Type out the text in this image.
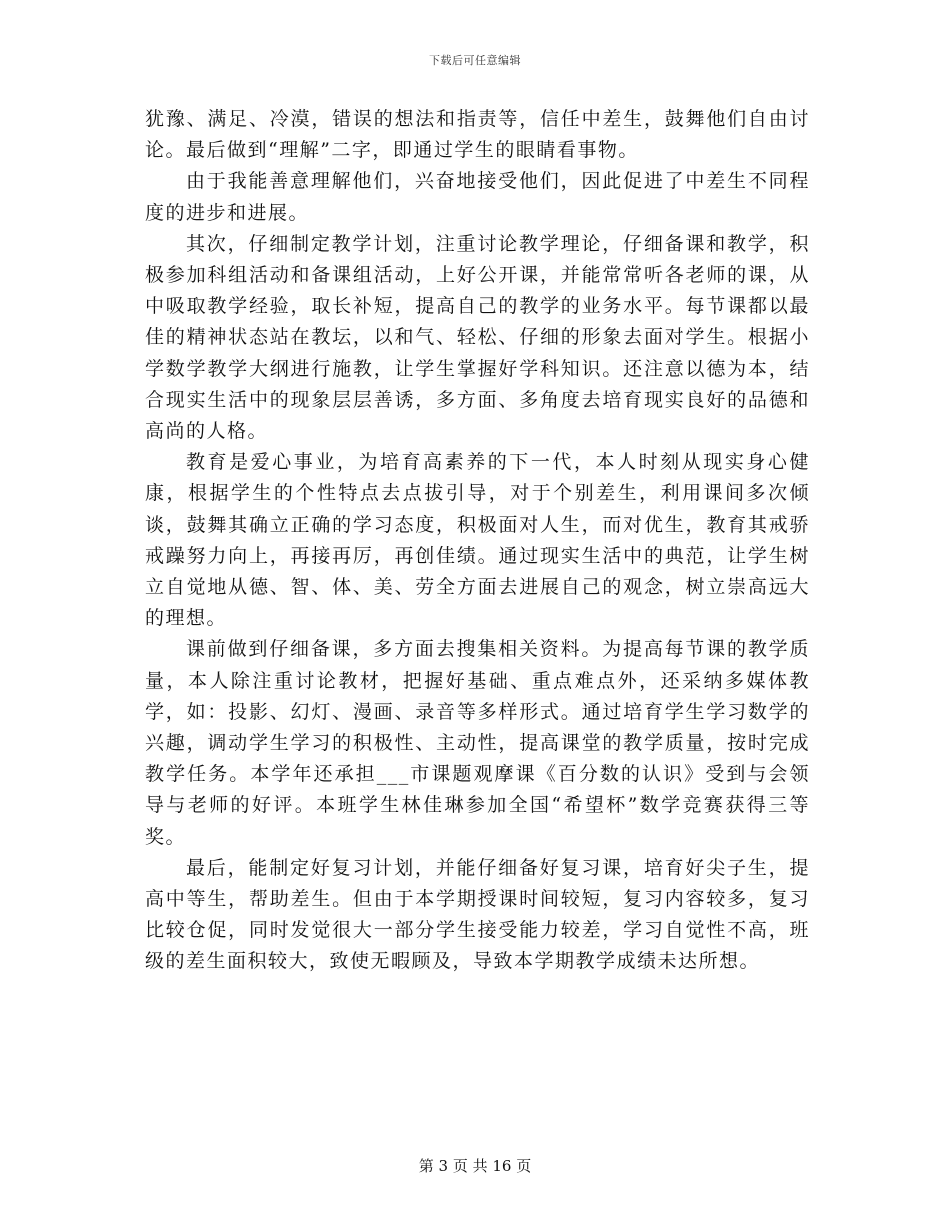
下载后可任意编辑

犹豫、满足、冷漠，错误的想法和指责等，信任中差生，鼓舞他们自由讨论。最后做到“理解”二字，即通过学生的眼睛看事物。

由于我能善意理解他们，兴奋地接受他们，因此促进了中差生不同程度的进步和进展。

其次，仔细制定教学计划，注重讨论教学理论，仔细备课和教学，积极参加科组活动和备课组活动，上好公开课，并能常常听各老师的课，从中吸取教学经验，取长补短，提高自己的教学的业务水平。每节课都以最佳的精神状态站在教坛，以和气、轻松、仔细的形象去面对学生。根据小学数学教学大纲进行施教，让学生掌握好学科知识。还注意以德为本，结合现实生活中的现象层层善诱，多方面、多角度去培育现实良好的品德和高尚的人格。

教育是爱心事业，为培育高素养的下一代，本人时刻从现实身心健康，根据学生的个性特点去点拔引导，对于个别差生，利用课间多次倾谈，鼓舞其确立正确的学习态度，积极面对人生，而对优生，教育其戒骄戒躁努力向上，再接再厉，再创佳绩。通过现实生活中的典范，让学生树立自觉地从德、智、体、美、劳全方面去进展自己的观念，树立崇高远大的理想。

课前做到仔细备课，多方面去搜集相关资料。为提高每节课的教学质量，本人除注重讨论教材，把握好基础、重点难点外，还采纳多媒体教学，如：投影、幻灯、漫画、录音等多样形式。通过培育学生学习数学的兴趣，调动学生学习的积极性、主动性，提高课堂的教学质量，按时完成教学任务。本学年还承担___市课题观摩课《百分数的认识》受到与会领导与老师的好评。本班学生林佳琳参加全国“希望杯”数学竞赛获得三等奖。

最后，能制定好复习计划，并能仔细备好复习课，培育好尖子生，提高中等生，帮助差生。但由于本学期授课时间较短，复习内容较多，复习比较仓促，同时发觉很大一部分学生接受能力较差，学习自觉性不高，班级的差生面积较大，致使无暇顾及，导致本学期教学成绩未达所想。

第 3 页 共 16 页
